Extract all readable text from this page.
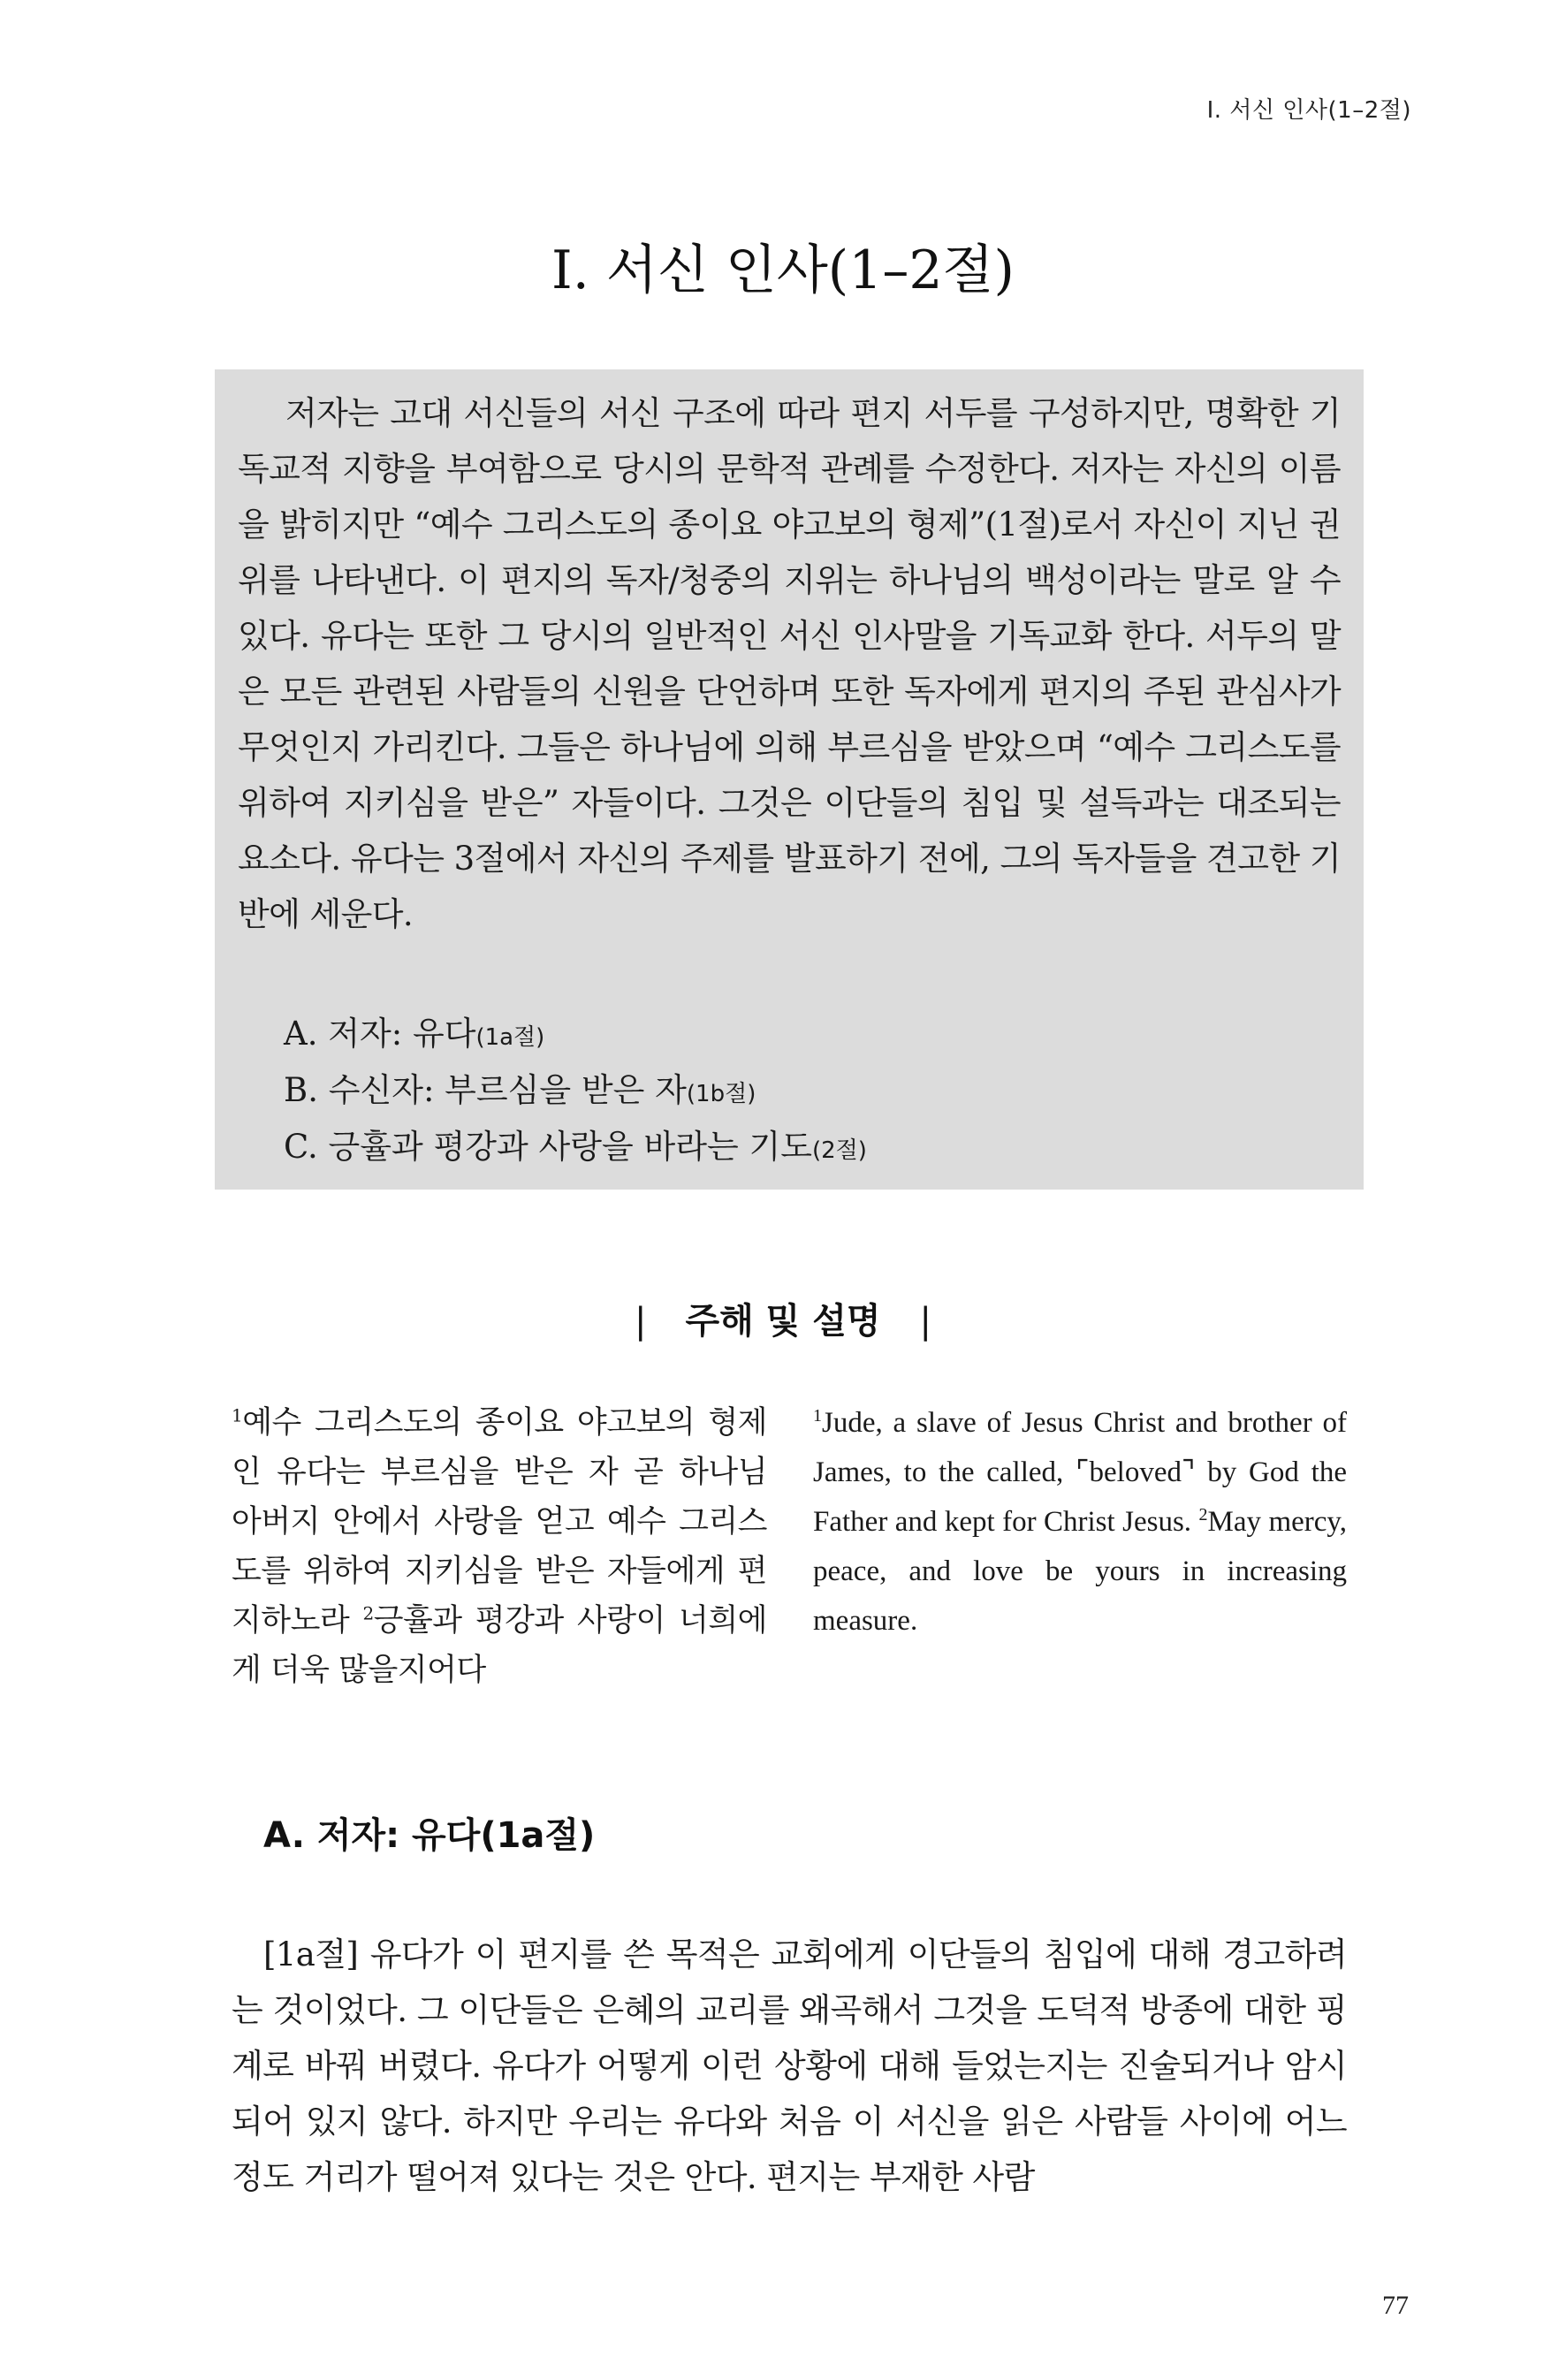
I. 서신 인사(1–2절)
I. 서신 인사(1–2절)

저자는 고대 서신들의 서신 구조에 따라 편지 서두를 구성하지만, 명확한 기독교적 지향을 부여함으로 당시의 문학적 관례를 수정한다. 저자는 자신의 이름을 밝히지만 “예수 그리스도의 종이요 야고보의 형제”(1절)로서 자신이 지닌 권위를 나타낸다. 이 편지의 독자/청중의 지위는 하나님의 백성이라는 말로 알 수 있다. 유다는 또한 그 당시의 일반적인 서신 인사말을 기독교화 한다. 서두의 말은 모든 관련된 사람들의 신원을 단언하며 또한 독자에게 편지의 주된 관심사가 무엇인지 가리킨다. 그들은 하나님에 의해 부르심을 받았으며 “예수 그리스도를 위하여 지키심을 받은” 자들이다. 그것은 이단들의 침입 및 설득과는 대조되는 요소다. 유다는 3절에서 자신의 주제를 발표하기 전에, 그의 독자들을 견고한 기반에 세운다.

A. 저자: 유다(1a절)
B. 수신자: 부르심을 받은 자(1b절)
C. 긍휼과 평강과 사랑을 바라는 기도(2절)
| 주해 및 설명 |

$^1$예수 그리스도의 종이요 야고보의 형제인 유다는 부르심을 받은 자 곧 하나님 아버지 안에서 사랑을 얻고 예수 그리스도를 위하여 지키심을 받은 자들에게 편지하노라 $^2$긍휼과 평강과 사랑이 너희에게 더욱 많을지어다

$^1$Jude, a slave of Jesus Christ and brother of James, to the called, ⌜beloved⌝ by God the Father and kept for Christ Jesus. $^2$May mercy, peace, and love be yours in increasing measure.

A. 저자: 유다(1a절)

[1a절] 유다가 이 편지를 쓴 목적은 교회에게 이단들의 침입에 대해 경고하려는 것이었다. 그 이단들은 은혜의 교리를 왜곡해서 그것을 도덕적 방종에 대한 핑계로 바꿔 버렸다. 유다가 어떻게 이런 상황에 대해 들었는지는 진술되거나 암시되어 있지 않다. 하지만 우리는 유다와 처음 이 서신을 읽은 사람들 사이에 어느 정도 거리가 떨어져 있다는 것은 안다. 편지는 부재한 사람

77
